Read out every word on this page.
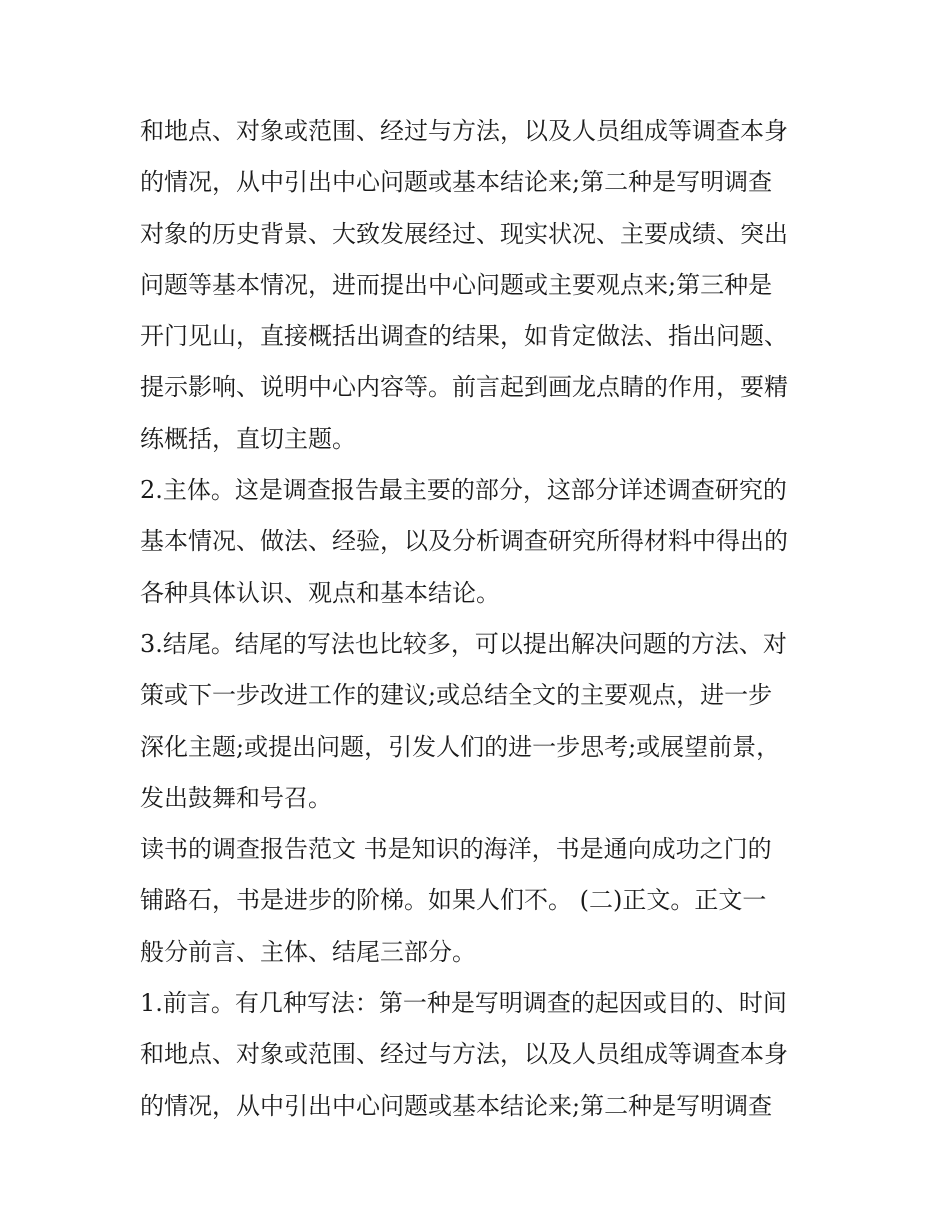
和地点、对象或范围、经过与方法，以及人员组成等调查本身
的情况，从中引出中心问题或基本结论来;第二种是写明调查
对象的历史背景、大致发展经过、现实状况、主要成绩、突出
问题等基本情况，进而提出中心问题或主要观点来;第三种是
开门见山，直接概括出调查的结果，如肯定做法、指出问题、
提示影响、说明中心内容等。前言起到画龙点睛的作用，要精
练概括，直切主题。
2.主体。这是调查报告最主要的部分，这部分详述调查研究的
基本情况、做法、经验，以及分析调查研究所得材料中得出的
各种具体认识、观点和基本结论。
3.结尾。结尾的写法也比较多，可以提出解决问题的方法、对
策或下一步改进工作的建议;或总结全文的主要观点，进一步
深化主题;或提出问题，引发人们的进一步思考;或展望前景，
发出鼓舞和号召。
读书的调查报告范文 书是知识的海洋，书是通向成功之门的
铺路石，书是进步的阶梯。如果人们不。 (二)正文。正文一
般分前言、主体、结尾三部分。
1.前言。有几种写法：第一种是写明调查的起因或目的、时间
和地点、对象或范围、经过与方法，以及人员组成等调查本身
的情况，从中引出中心问题或基本结论来;第二种是写明调查
